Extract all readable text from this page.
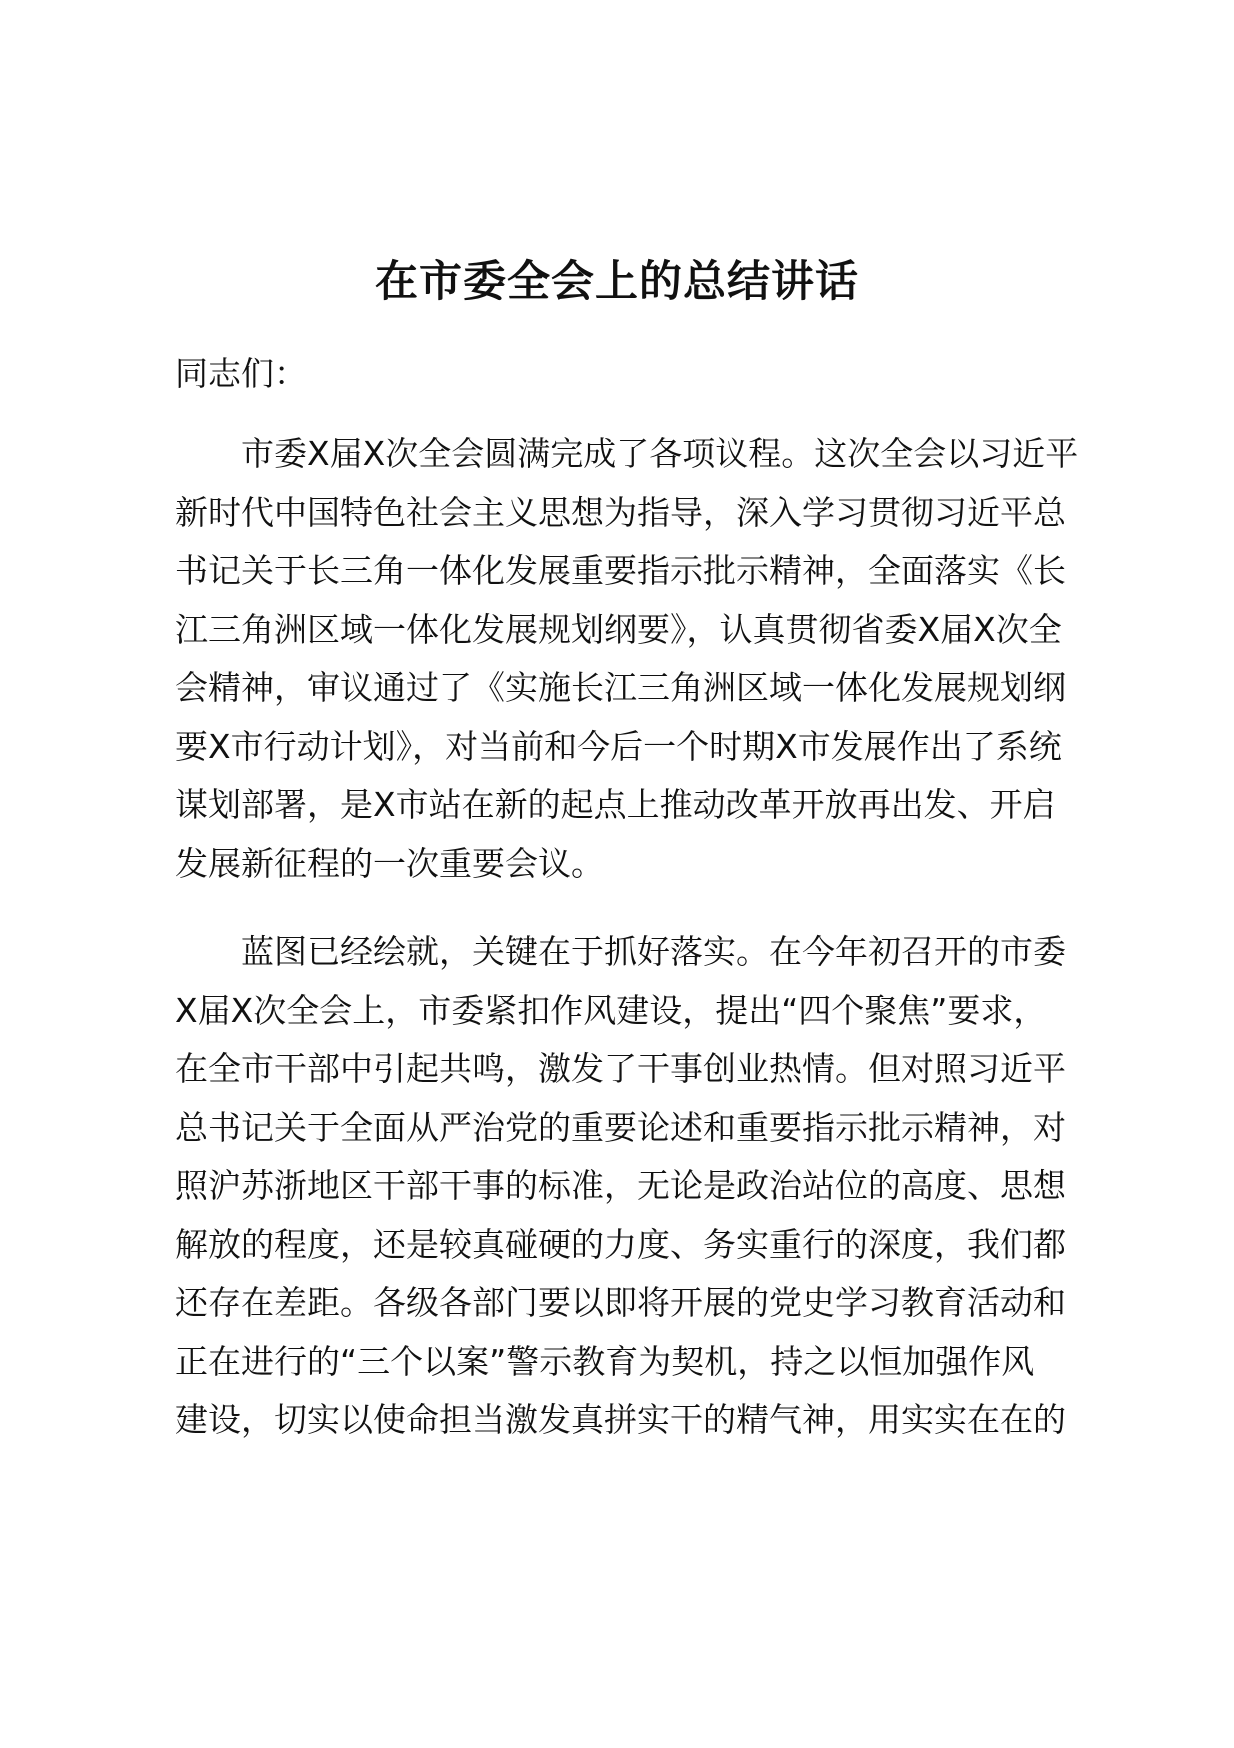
在市委全会上的总结讲话
同志们：
市委X届X次全会圆满完成了各项议程。这次全会以习近平
新时代中国特色社会主义思想为指导，深入学习贯彻习近平总
书记关于长三角一体化发展重要指示批示精神，全面落实《长
江三角洲区域一体化发展规划纲要》，认真贯彻省委X届X次全
会精神，审议通过了《实施长江三角洲区域一体化发展规划纲
要X市行动计划》，对当前和今后一个时期X市发展作出了系统
谋划部署，是X市站在新的起点上推动改革开放再出发、开启
发展新征程的一次重要会议。
蓝图已经绘就，关键在于抓好落实。在今年初召开的市委
X届X次全会上，市委紧扣作风建设，提出“四个聚焦”要求，
在全市干部中引起共鸣，激发了干事创业热情。但对照习近平
总书记关于全面从严治党的重要论述和重要指示批示精神，对
照沪苏浙地区干部干事的标准，无论是政治站位的高度、思想
解放的程度，还是较真碰硬的力度、务实重行的深度，我们都
还存在差距。各级各部门要以即将开展的党史学习教育活动和
正在进行的“三个以案”警示教育为契机，持之以恒加强作风
建设，切实以使命担当激发真拼实干的精气神，用实实在在的
